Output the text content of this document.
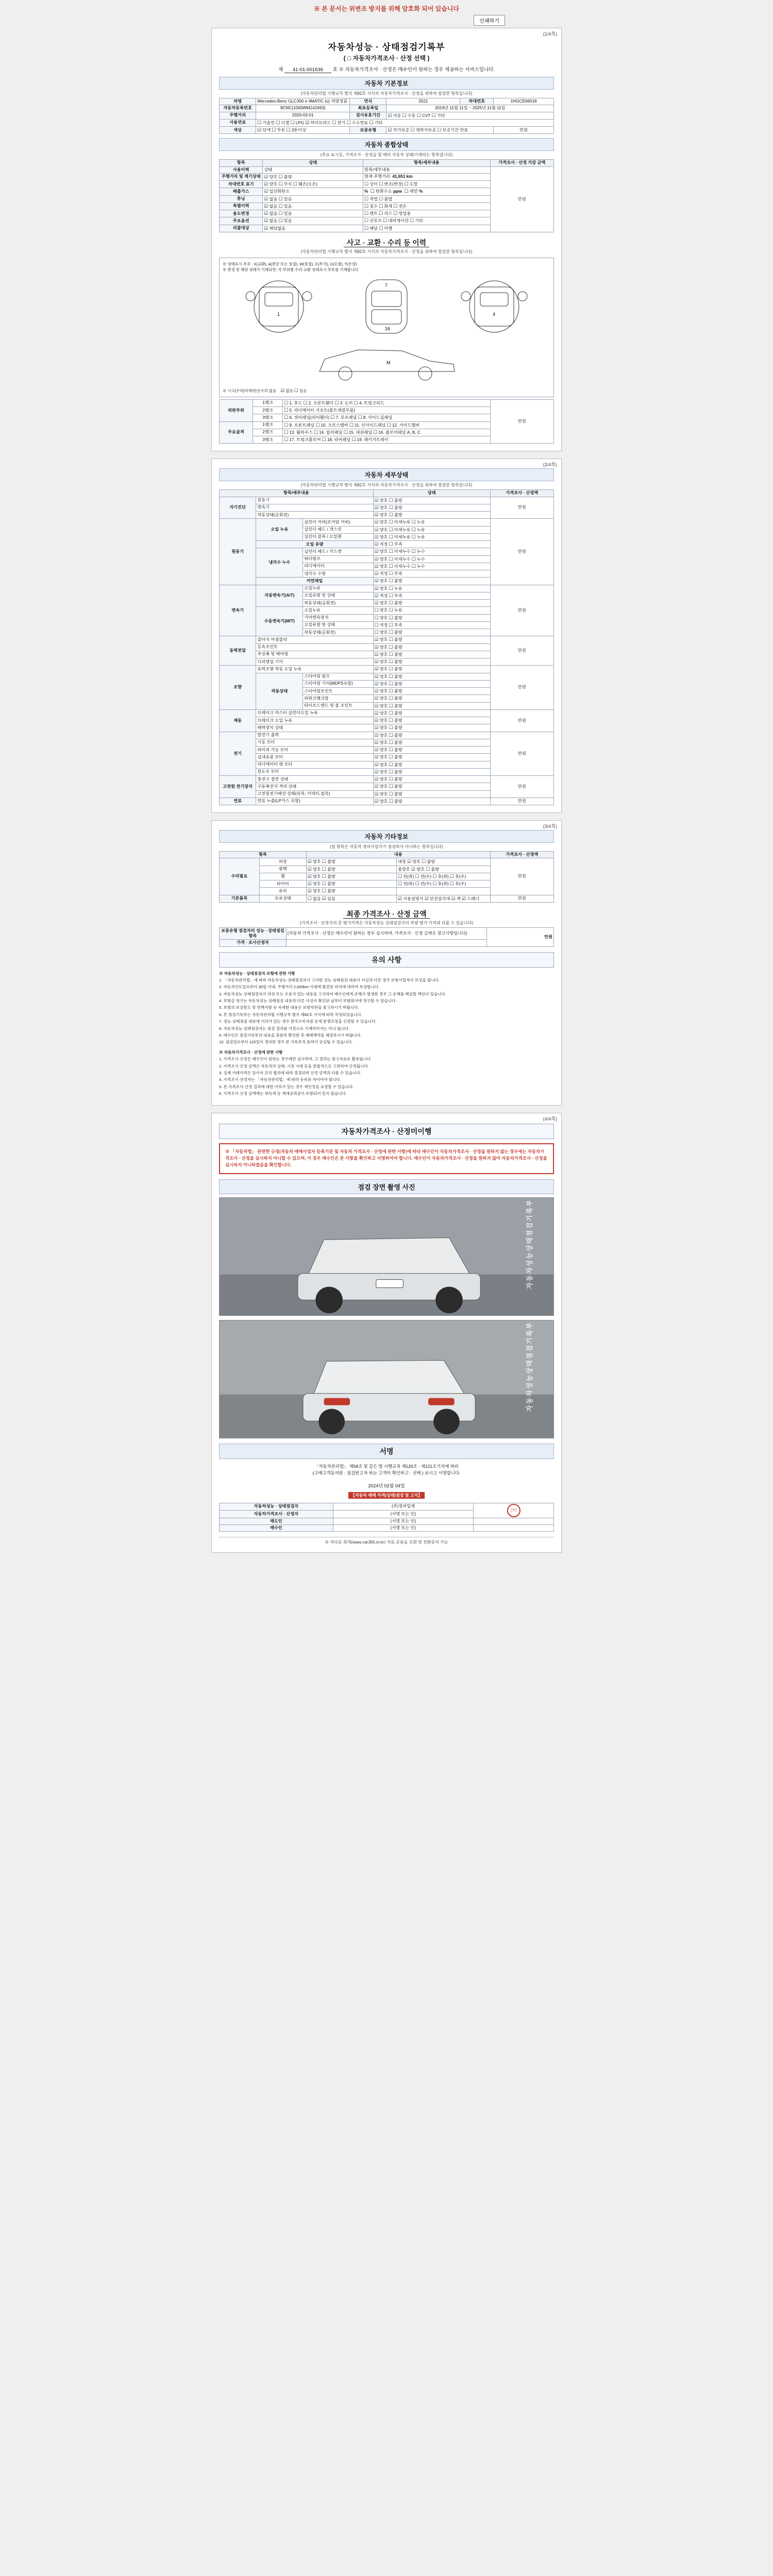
※ 본 문서는 위변조 방지를 위해 암호화 되어 있습니다
인쇄하기
(1/4쪽)
자동차성능 · 상태점검기록부
( □ 자동차가격조사 · 산정 선택 )
제 41-01-001636 호 ※ 자동차가격조사 · 산정은 매수인이 원하는 경우 제공하는 서비스입니다.
자동차 기본정보
(자동차관리법 시행규칙 별지 제82호 서식의 자동차가격조사 · 산정을 위하여 점검한 항목입니다)
차명	Mercedes-Benz GLC300 e 4MATIC (u) 차량정품	연식	2021	차대번호	1HGCE66018
자동차등록번호	9CNC(1000WM141693)	최초등록일	2019년 11월 11일 ~ 2025년 11월 11일		
주행거리	2020-03-01	검사유효기간	☑ 자동 ☐ 수동 ☐ CVT ☐ 기타
사용연료	☐ 가솔린 ☐ 디젤 ☐ LPG ☑ 하이브리드 ☐ 전기 ☐ 수소연료 ☐ 기타
색상	☑ 단색 ☐ 투톤 ☐ 3톤이상	보증유형	☑ 자가보증 ☐ 제작사보증 ☐ 보증기간 만료		만원
자동차 종합상태
(주요 표시등, 가격조사 · 산정을 할 때의 자동차 상태/기재되는 항목입니다)
항목	상태	항목/세부내용	가격조사 · 산정 가감 금액
사용이력	상태	항목/세부내용	만원
주행거리 및 계기상태	☑ 양호 ☐ 불량	현재 주행거리 41,651 km	
차대번호 표기	☑ 양호 ☐ 부식 ☐ 훼손(오손)	☐ 상이 ☐ 변조(변경) ☐ 도말
배출가스	☑ 일산화탄소	% ☐ 탄화수소 ppm ☐ 매연 %
튜닝	☑ 없음 ☐ 있음	☐ 적법 ☐ 불법
특별이력	☑ 없음 ☐ 있음	☐ 침수 ☐ 화재 ☐ 전손
용도변경	☑ 없음 ☐ 있음	☐ 렌트 ☐ 리스 ☐ 영업용
주요옵션	☑ 없음 ☐ 있음	☐ 선루프 ☐ 내비게이션 ☐ 기타
리콜대상	☑ 해당없음	☐ 해당 ☐ 이행
사고 · 교환 · 수리 등 이력
(자동차관리법 시행규칙 별지 제82호 서식의 자동차가격조사 · 산정을 위하여 점검한 항목입니다)
※ 상태표시 부호 : X(교환), A(판금 또는 용접), W(용접), C(부식), U(요철), T(손상)
※ 판정 및 해당 상태가 기재되면, 각 부위별 수리·교환 상태표시 부호를 기재합니다
1
7
16
4
M
※ 시고(수리)이력/단순수리 없음 ☑ 없음 ☐ 있음
외판부위	1랭크	☐ 1. 후드 ☐ 2. 프론트휀더 ☐ 3. 도어 ☐ 4. 트렁크리드	만원
	2랭크	☐ 5. 라디에이터 서포트(볼트체결부품)
	3랭크	☐ 6. 쿼터패널(리어휀더) ☐ 7. 루프패널 ☐ 8. 사이드실패널
주요골격	1랭크	☐ 9. 프론트패널 ☐ 10. 크로스멤버 ☐ 11. 인사이드패널 ☐ 12. 사이드멤버
	2랭크	☐ 13. 휠하우스 ☐ 14. 필러패널 ☐ 15. 대쉬패널 ☐ 16. 플로어패널 A, B, C
	3랭크	☐ 17. 트렁크플로어 ☐ 18. 리어패널 ☐ 19. 패키지트레이
(2/4쪽)
자동차 세부상태
(자동차관리법 시행규칙 별지 제82호 서식의 자동차가격조사 · 산정을 위하여 점검한 항목입니다)
항목/세부내용			상태	가격조사 · 산정액
자기진단	원동기		☑ 양호 ☐ 불량	만원
	변속기		☑ 양호 ☐ 불량
	작동상태(공회전)		☑ 양호 ☐ 불량
원동기	오일 누유	실린더 커버(로커암 커버)	☑ 양호 ☐ 미세누유 ☐ 누유	만원
		실린더 헤드 / 개스킷	☑ 양호 ☐ 미세누유 ☐ 누유
		실린더 블록 / 오일팬	☑ 양호 ☐ 미세누유 ☐ 누유
	오일 유량		☑ 적정 ☐ 부족
	냉각수 누수	실린더 헤드 / 가스켓	☑ 양호 ☐ 미세누수 ☐ 누수
		워터펌프	☑ 양호 ☐ 미세누수 ☐ 누수
		라디에이터	☑ 양호 ☐ 미세누수 ☐ 누수
		냉각수 수량	☑ 적정 ☐ 부족
	커먼레일		☑ 양호 ☐ 불량
변속기	자동변속기(A/T)	오일누유	☑ 양호 ☐ 누유	만원
		오일유량 및 상태	☑ 적정 ☐ 부족
		작동상태(공회전)	☑ 양호 ☐ 불량
	수동변속기(M/T)	오일누유	☐ 양호 ☐ 누유
		기어변속장치	☐ 양호 ☐ 불량
		오일유량 및 상태	☐ 적정 ☐ 부족
		작동상태(공회전)	☐ 양호 ☐ 불량
동력전달	클러치 어셈블리		☑ 양호 ☐ 불량	만원
	등속조인트		☑ 양호 ☐ 불량
	추진축 및 베어링		☑ 양호 ☐ 불량
	디퍼렌셜 기어		☑ 양호 ☐ 불량
조향	동력조향 작동 오일 누유		☑ 양호 ☐ 불량	만원
	작동상태	스티어링 펌프	☑ 양호 ☐ 불량
		스티어링 기어(MDPS포함)	☑ 양호 ☐ 불량
		스티어링조인트	☑ 양호 ☐ 불량
		파워크랭크암	☑ 양호 ☐ 불량
		타이로드엔드 및 볼 조인트	☑ 양호 ☐ 불량
제동	브레이크 마스터 실린더오일 누유		☑ 양호 ☐ 불량	만원
	브레이크 오일 누유		☑ 양호 ☐ 불량
	배력장치 상태		☑ 양호 ☐ 불량
전기	발전기 출력		☑ 양호 ☐ 불량	만원
	시동 모터		☑ 양호 ☐ 불량
	와이퍼 기능 모터		☑ 양호 ☐ 불량
	실내송풍 모터		☑ 양호 ☐ 불량
	라디에이터 팬 모터		☑ 양호 ☐ 불량
	윈도우 모터		☑ 양호 ☐ 불량
고전원 전기장치	충전구 절연 상태		☑ 양호 ☐ 불량	만원
	구동축전지 격리 상태		☑ 양호 ☐ 불량
	고전원전기배선 상태(피복, 커넥터,접촉)		☑ 양호 ☐ 불량
연료	연료 누출(LP가스 포함)		☑ 양호 ☐ 불량	만원
(3/4쪽)
자동차 기타정보
(점 항목은 자동차 정비사업자가 점검하지 아니하는 항목입니다)
항목		내용		가격조사 · 산정액
수리필요	외장	☑ 양호 ☐ 불량	내장 ☑ 양호 ☐ 불량	만원
	광택	☑ 양호 ☐ 불량	룸양호 ☑ 양호 ☐ 불량
	휠	☑ 양호 ☐ 불량	☐ 전(좌) ☐ 전(우) ☐ 후(좌) ☐ 후(우)
	타이어	☑ 양호 ☐ 불량	☐ 전(좌) ☐ 전(우) ☐ 후(좌) ☐ 후(우)
	유리	☑ 양호 ☐ 불량	
기본품목	보유상태	☐ 없음 ☑ 있음	☑ 사용설명서 ☑ 안전삼각대 ☑ 잭 ☑ 스패너	만원
최종 가격조사 · 산정 금액
(가격조사 · 산정자의 총 평가가격은 자동차성능 상태점검자의 차량 평가 가격과 다를 수 있습니다)
보증유형 점검자의 성능 · 상태점검 항목	(자동차 가격조사 · 산정은 매수인이 원하는 경우 실시하며, 가격조사 · 산정 금액은 참고사항입니다)	만원
가격 · 조사산정자		
유의 사항

※ 자동차성능 · 상태점검자 보험에 관한 사항

1. 「자동차관리법」에 따라 자동차성능·상태점검자가 고지한 성능·상태점검 내용이 사실과 다른 경우 보험사업자가 보상을 합니다.

2. 자동차인도일로부터 30일 이내, 주행거리 2,000km 이내에 발견된 하자에 대하여 보상합니다.

3. 자동차성능·상태점검자가 허위 또는 오류가 있는 내용을 고지하여 매수인에게 손해가 발생한 경우 그 손해를 배상할 책임이 있습니다.

4. 보험금 청구는 자동차성능·상태점검 내용과 다른 사실이 확인된 날부터 보험회사에 청구할 수 있습니다.

5. 보험의 보상한도 및 면책사항 등 자세한 내용은 보험약관을 참고하시기 바랍니다.

6. 본 점검기록부는 자동차관리법 시행규칙 별지 제82호 서식에 따라 작성되었습니다.

7. 성능·상태점검 내용에 이의가 있는 경우 한국소비자원 등에 분쟁조정을 신청할 수 있습니다.

8. 자동차성능·상태점검자는 점검 결과를 거짓으로 기재하여서는 아니 됩니다.

9. 매수인은 점검기록부의 내용을 충분히 확인한 후 매매계약을 체결하시기 바랍니다.

10. 점검일로부터 120일이 경과한 경우 본 기록부의 효력이 상실될 수 있습니다.

※ 자동차가격조사 · 산정에 관한 사항

1. 가격조사·산정은 매수인이 원하는 경우에만 실시하며, 그 결과는 참고자료로 활용됩니다.

2. 가격조사·산정 금액은 자동차의 상태, 시장 시세 등을 종합적으로 고려하여 산정됩니다.

3. 실제 거래가격은 당사자 간의 협의에 따라 결정되며 산정 금액과 다를 수 있습니다.

4. 가격조사·산정자는 「자동차관리법」에 따라 등록된 자이어야 합니다.

5. 본 가격조사·산정 결과에 대한 이의가 있는 경우 재산정을 요청할 수 있습니다.

6. 가격조사·산정 금액에는 취득세 등 제세공과금이 포함되어 있지 않습니다.

(4/4쪽)
자동차가격조사 · 산정미이행
※ 「자동차법」 관련한 규정(자동차 매매사업자 등록기준 및 자동차 가격조사 · 산정에 관한 사항)에 따라 매수인이 자동차가격조사 · 산정을 원하지 않는 경우에는 자동차가격조사 · 산정을 실시하지 아니할 수 있으며, 이 경우 매수인은 본 사항을 확인하고 서명하여야 합니다. 매수인이 자동차가격조사 · 산정을 원하지 않아 자동차가격조사 · 산정을 실시하지 아니하였음을 확인합니다.
점검 장면 촬영 사진
자동차성능상태점검기록부
자동차성능상태점검기록부
서명
「자동차관리법」 제58조 및 같은 법 시행규칙 제120조 · 제121조기지에 따라
(구매고객동의란 : 점검받고자 하는 고객이 확인하고 · 선택 ) 보시고 서명합니다.
2024년 02월 04일
【자동차 매매 자격(상태)점검 및 고지】
자동차성능 · 상태점검자	(주)정비업체	(인)
자동차가격조사 · 산정자	(서명 또는 인)	
매도인	(서명 또는 인)	
매수인	(서명 또는 인)	
※ 차다운 회계(www.car365.or.kr) 자료 준용을 조회 및 전화문의 가능
